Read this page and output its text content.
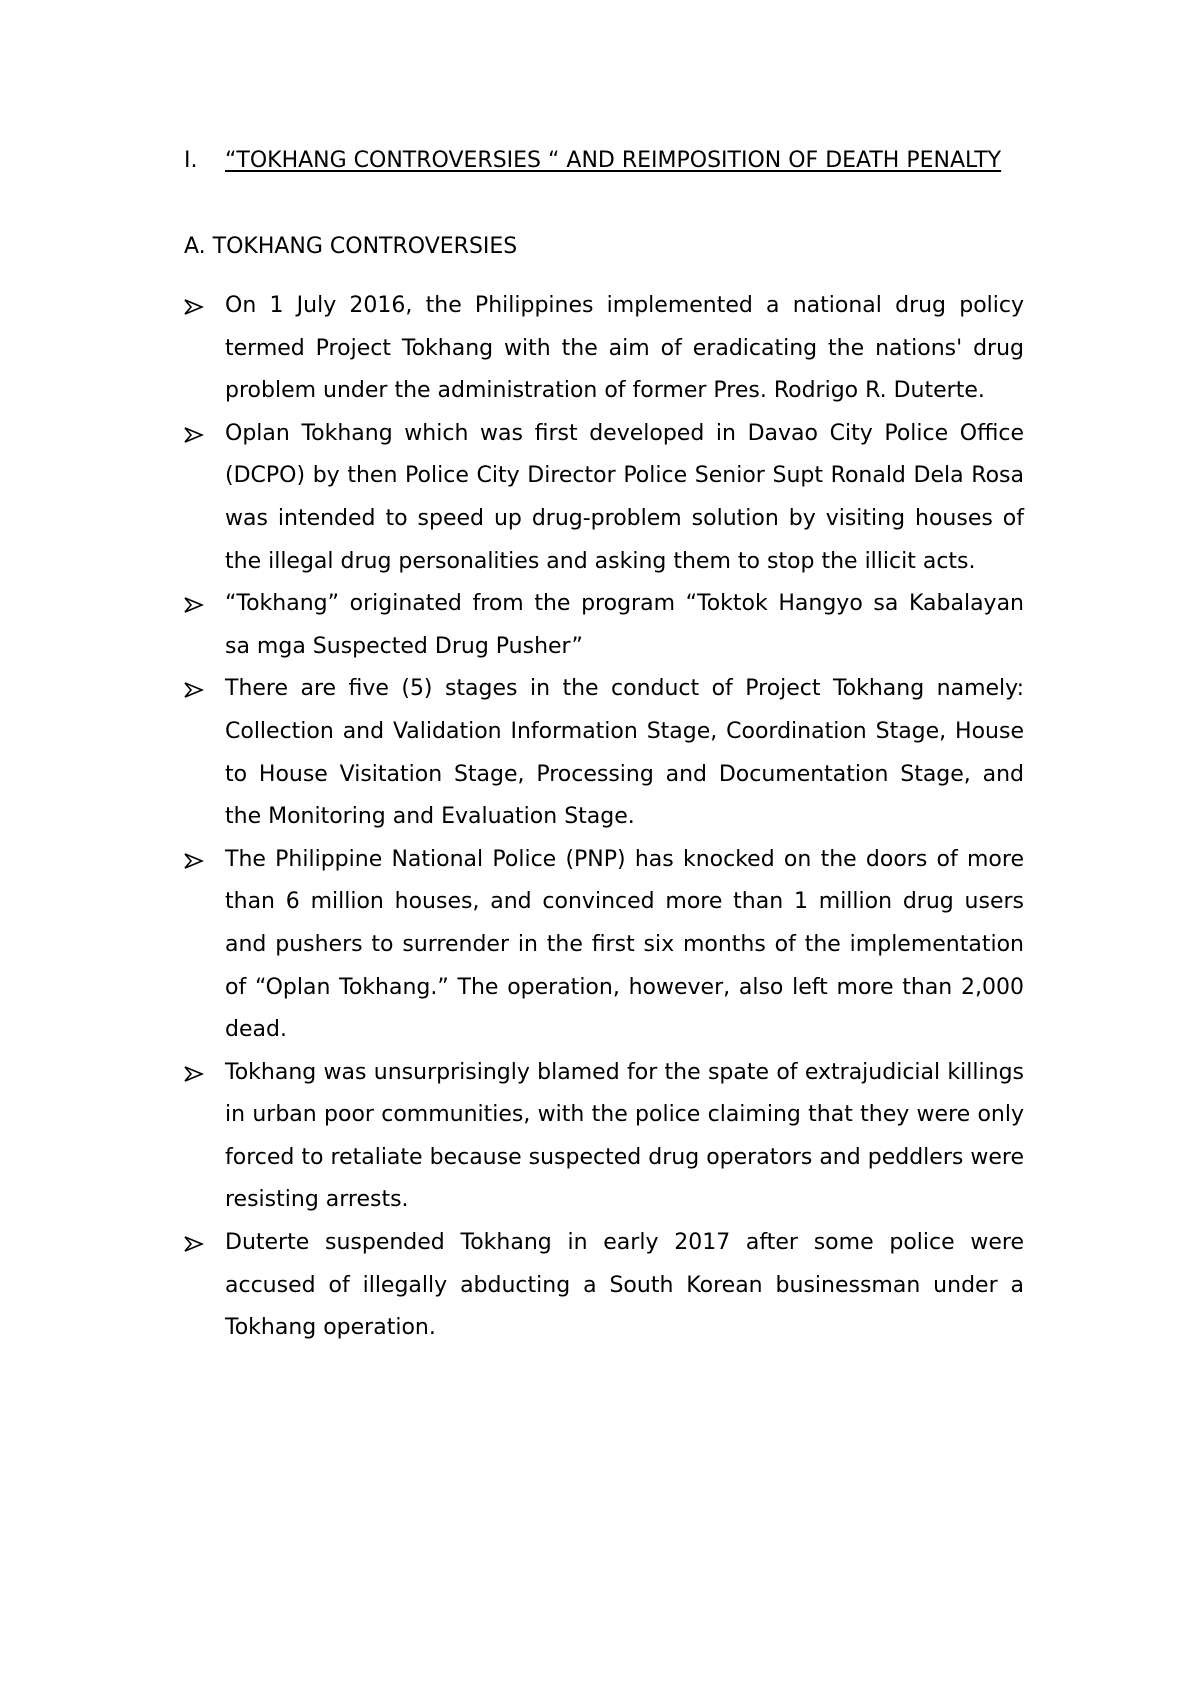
I.	“TOKHANG CONTROVERSIES “ AND REIMPOSITION OF DEATH PENALTY
A. TOKHANG CONTROVERSIES
On 1 July 2016, the Philippines implemented a national drug policy termed Project Tokhang with the aim of eradicating the nations' drug problem under the administration of former Pres. Rodrigo R. Duterte.
Oplan Tokhang which was first developed in Davao City Police Office (DCPO) by then Police City Director Police Senior Supt Ronald Dela Rosa was intended to speed up drug-problem solution by visiting houses of the illegal drug personalities and asking them to stop the illicit acts.
“Tokhang” originated from the program “Toktok Hangyo sa Kabalayan sa mga Suspected Drug Pusher”
There are five (5) stages in the conduct of Project Tokhang namely: Collection and Validation Information Stage, Coordination Stage, House to House Visitation Stage, Processing and Documentation Stage, and the Monitoring and Evaluation Stage.
The Philippine National Police (PNP) has knocked on the doors of more than 6 million houses, and convinced more than 1 million drug users and pushers to surrender in the first six months of the implementation of “Oplan Tokhang.” The operation, however, also left more than 2,000 dead.
Tokhang was unsurprisingly blamed for the spate of extrajudicial killings in urban poor communities, with the police claiming that they were only forced to retaliate because suspected drug operators and peddlers were resisting arrests.
Duterte suspended Tokhang in early 2017 after some police were accused of illegally abducting a South Korean businessman under a Tokhang operation.
